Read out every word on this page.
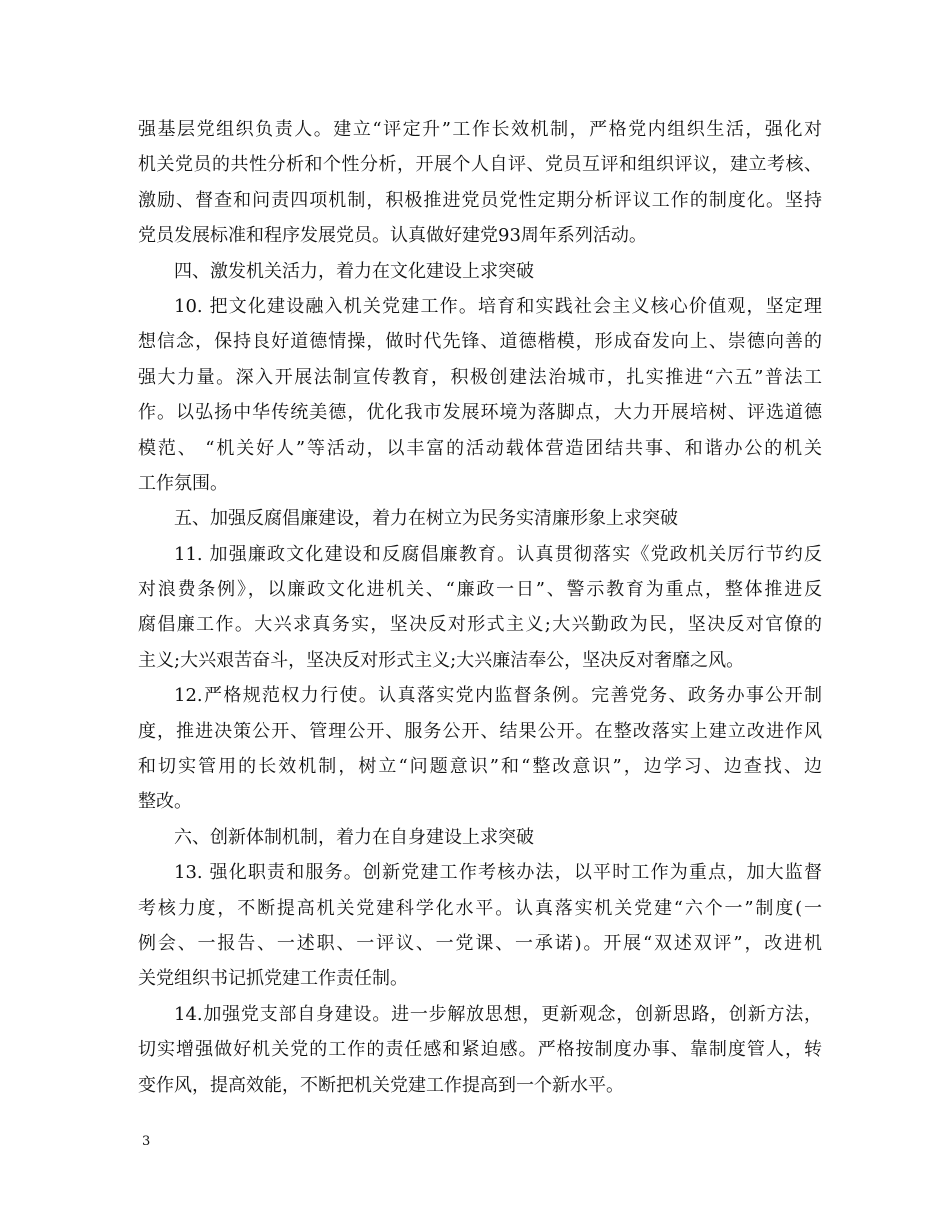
强基层党组织负责人。建立“评定升”工作长效机制，严格党内组织生活，强化对
机关党员的共性分析和个性分析，开展个人自评、党员互评和组织评议，建立考核、
激励、督查和问责四项机制，积极推进党员党性定期分析评议工作的制度化。坚持
党员发展标准和程序发展党员。认真做好建党93周年系列活动。
四、激发机关活力，着力在文化建设上求突破
10. 把文化建设融入机关党建工作。培育和实践社会主义核心价值观，坚定理
想信念，保持良好道德情操，做时代先锋、道德楷模，形成奋发向上、崇德向善的
强大力量。深入开展法制宣传教育，积极创建法治城市，扎实推进“六五”普法工
作。以弘扬中华传统美德，优化我市发展环境为落脚点，大力开展培树、评选道德
模范、 “机关好人”等活动，以丰富的活动载体营造团结共事、和谐办公的机关
工作氛围。
五、加强反腐倡廉建设，着力在树立为民务实清廉形象上求突破
11. 加强廉政文化建设和反腐倡廉教育。认真贯彻落实《党政机关厉行节约反
对浪费条例》，以廉政文化进机关、“廉政一日”、警示教育为重点，整体推进反
腐倡廉工作。大兴求真务实，坚决反对形式主义;大兴勤政为民，坚决反对官僚的
主义;大兴艰苦奋斗，坚决反对形式主义;大兴廉洁奉公，坚决反对奢靡之风。
12.严格规范权力行使。认真落实党内监督条例。完善党务、政务办事公开制
度，推进决策公开、管理公开、服务公开、结果公开。在整改落实上建立改进作风
和切实管用的长效机制，树立“问题意识”和“整改意识”，边学习、边查找、边
整改。
六、创新体制机制，着力在自身建设上求突破
13. 强化职责和服务。创新党建工作考核办法，以平时工作为重点，加大监督
考核力度，不断提高机关党建科学化水平。认真落实机关党建“六个一”制度(一
例会、一报告、一述职、一评议、一党课、一承诺)。开展“双述双评”，改进机
关党组织书记抓党建工作责任制。
14.加强党支部自身建设。进一步解放思想，更新观念，创新思路，创新方法，
切实增强做好机关党的工作的责任感和紧迫感。严格按制度办事、靠制度管人，转
变作风，提高效能，不断把机关党建工作提高到一个新水平。
3
